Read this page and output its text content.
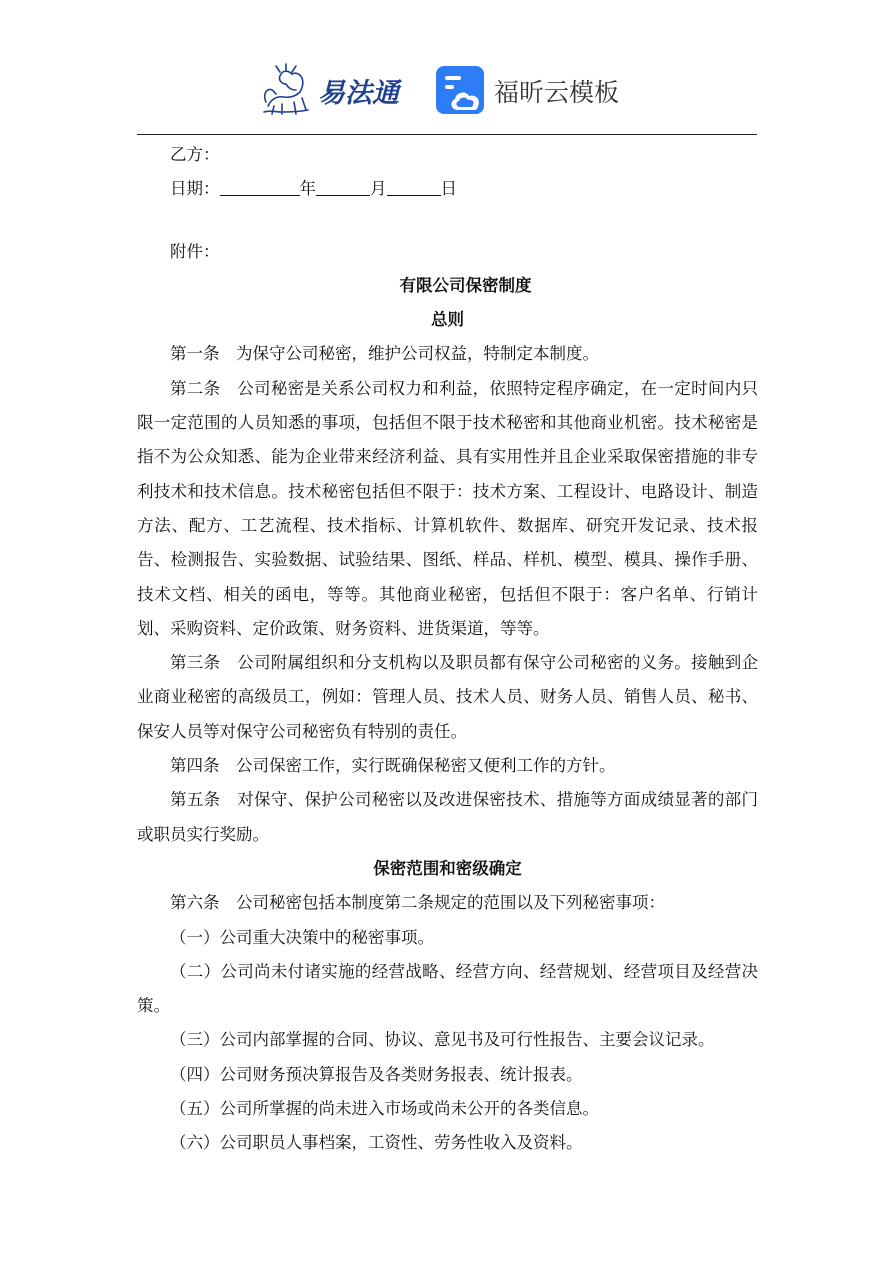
易法通	福昕云模板

乙方：

日期：	年	月	日

附件：

有限公司保密制度

总则

第一条 为保守公司秘密，维护公司权益，特制定本制度。

第二条 公司秘密是关系公司权力和利益，依照特定程序确定，在一定时间内只限一定范围的人员知悉的事项，包括但不限于技术秘密和其他商业机密。技术秘密是指不为公众知悉、能为企业带来经济利益、具有实用性并且企业采取保密措施的非专利技术和技术信息。技术秘密包括但不限于：技术方案、工程设计、电路设计、制造方法、配方、工艺流程、技术指标、计算机软件、数据库、研究开发记录、技术报告、检测报告、实验数据、试验结果、图纸、样品、样机、模型、模具、操作手册、技术文档、相关的函电，等等。其他商业秘密，包括但不限于：客户名单、行销计划、采购资料、定价政策、财务资料、进货渠道，等等。

第三条 公司附属组织和分支机构以及职员都有保守公司秘密的义务。接触到企业商业秘密的高级员工，例如：管理人员、技术人员、财务人员、销售人员、秘书、保安人员等对保守公司秘密负有特别的责任。

第四条 公司保密工作，实行既确保秘密又便利工作的方针。

第五条 对保守、保护公司秘密以及改进保密技术、措施等方面成绩显著的部门或职员实行奖励。

保密范围和密级确定

第六条 公司秘密包括本制度第二条规定的范围以及下列秘密事项：

（一）公司重大决策中的秘密事项。

（二）公司尚未付诸实施的经营战略、经营方向、经营规划、经营项目及经营决策。

（三）公司内部掌握的合同、协议、意见书及可行性报告、主要会议记录。

（四）公司财务预决算报告及各类财务报表、统计报表。

（五）公司所掌握的尚未进入市场或尚未公开的各类信息。

（六）公司职员人事档案，工资性、劳务性收入及资料。
